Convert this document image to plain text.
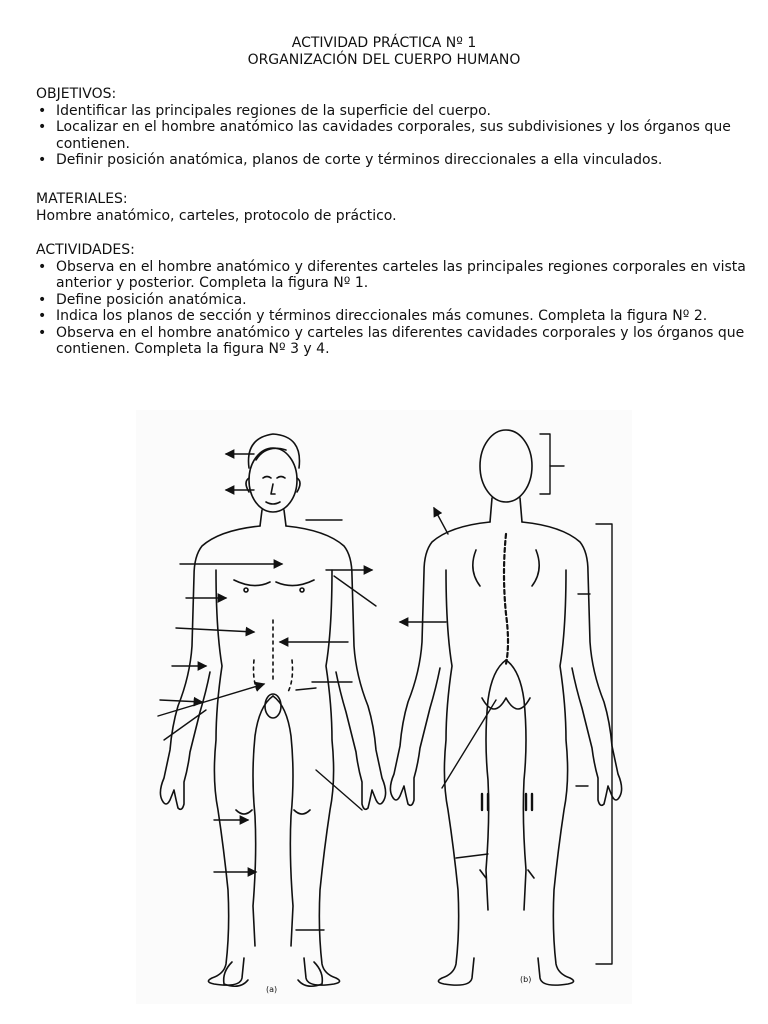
ACTIVIDAD PRÁCTICA Nº 1
ORGANIZACIÓN DEL CUERPO HUMANO

OBJETIVOS:

• Identificar las principales regiones de la superficie del cuerpo.
• Localizar en el hombre anatómico las cavidades corporales, sus subdivisiones y los órganos que contienen.
• Definir posición anatómica, planos de corte y términos direccionales a ella vinculados.

MATERIALES:

Hombre anatómico, carteles, protocolo de práctico.

ACTIVIDADES:

• Observa en el hombre anatómico y diferentes carteles las principales regiones corporales en vista anterior y posterior. Completa la figura Nº 1.
• Define posición anatómica.
• Indica los planos de sección y términos direccionales más comunes. Completa la figura Nº 2.
• Observa en el hombre anatómico y carteles las diferentes cavidades corporales y los órganos que contienen. Completa la figura Nº 3 y 4.
(a)
(b)
